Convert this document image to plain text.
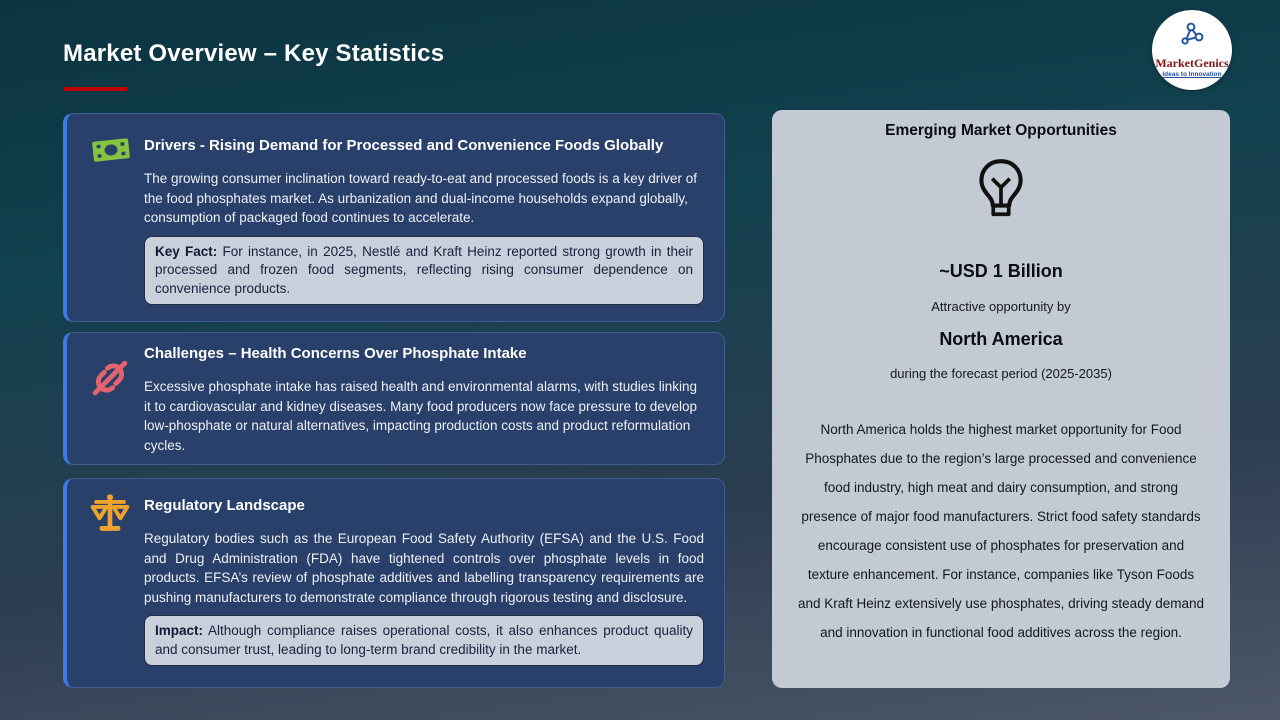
Market Overview – Key Statistics	MarketGenics
Ideas to Innovation
Drivers - Rising Demand for Processed and Convenience Foods Globally
The growing consumer inclination toward ready-to-eat and processed foods is a key driver of the food phosphates market. As urbanization and dual-income households expand globally, consumption of packaged food continues to accelerate.
Key Fact: For instance, in 2025, Nestlé and Kraft Heinz reported strong growth in their processed and frozen food segments, reflecting rising consumer dependence on convenience products.
Challenges – Health Concerns Over Phosphate Intake
Excessive phosphate intake has raised health and environmental alarms, with studies linking it to cardiovascular and kidney diseases. Many food producers now face pressure to develop low-phosphate or natural alternatives, impacting production costs and product reformulation cycles.
Regulatory Landscape
Regulatory bodies such as the European Food Safety Authority (EFSA) and the U.S. Food and Drug Administration (FDA) have tightened controls over phosphate levels in food products. EFSA’s review of phosphate additives and labelling transparency requirements are pushing manufacturers to demonstrate compliance through rigorous testing and disclosure.
Impact: Although compliance raises operational costs, it also enhances product quality and consumer trust, leading to long-term brand credibility in the market.
Emerging Market Opportunities
~USD 1 Billion
Attractive opportunity by
North America
during the forecast period (2025-2035)
North America holds the highest market opportunity for Food Phosphates due to the region’s large processed and convenience food industry, high meat and dairy consumption, and strong presence of major food manufacturers. Strict food safety standards encourage consistent use of phosphates for preservation and texture enhancement. For instance, companies like Tyson Foods and Kraft Heinz extensively use phosphates, driving steady demand and innovation in functional food additives across the region.
